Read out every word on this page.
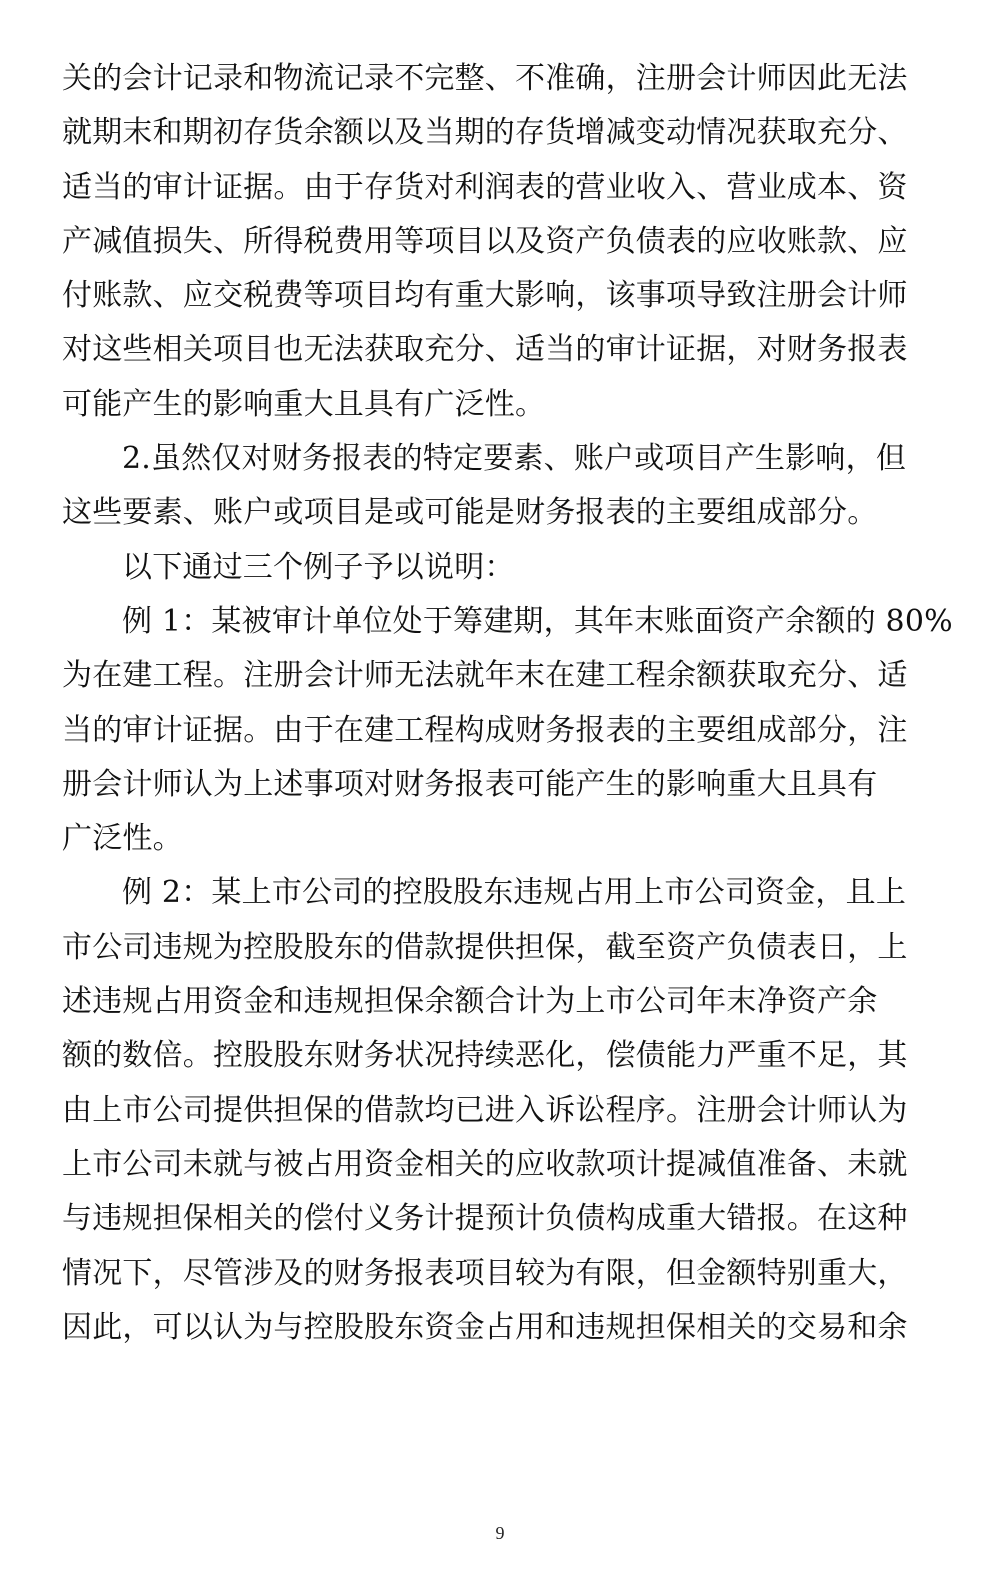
关的会计记录和物流记录不完整、不准确，注册会计师因此无法
就期末和期初存货余额以及当期的存货增减变动情况获取充分、
适当的审计证据。由于存货对利润表的营业收入、营业成本、资
产减值损失、所得税费用等项目以及资产负债表的应收账款、应
付账款、应交税费等项目均有重大影响，该事项导致注册会计师
对这些相关项目也无法获取充分、适当的审计证据，对财务报表
可能产生的影响重大且具有广泛性。
2.虽然仅对财务报表的特定要素、账户或项目产生影响，但
这些要素、账户或项目是或可能是财务报表的主要组成部分。
以下通过三个例子予以说明：
例 1：某被审计单位处于筹建期，其年末账面资产余额的 80%
为在建工程。注册会计师无法就年末在建工程余额获取充分、适
当的审计证据。由于在建工程构成财务报表的主要组成部分，注
册会计师认为上述事项对财务报表可能产生的影响重大且具有
广泛性。
例 2：某上市公司的控股股东违规占用上市公司资金，且上
市公司违规为控股股东的借款提供担保，截至资产负债表日，上
述违规占用资金和违规担保余额合计为上市公司年末净资产余
额的数倍。控股股东财务状况持续恶化，偿债能力严重不足，其
由上市公司提供担保的借款均已进入诉讼程序。注册会计师认为
上市公司未就与被占用资金相关的应收款项计提减值准备、未就
与违规担保相关的偿付义务计提预计负债构成重大错报。在这种
情况下，尽管涉及的财务报表项目较为有限，但金额特别重大，
因此，可以认为与控股股东资金占用和违规担保相关的交易和余
9
